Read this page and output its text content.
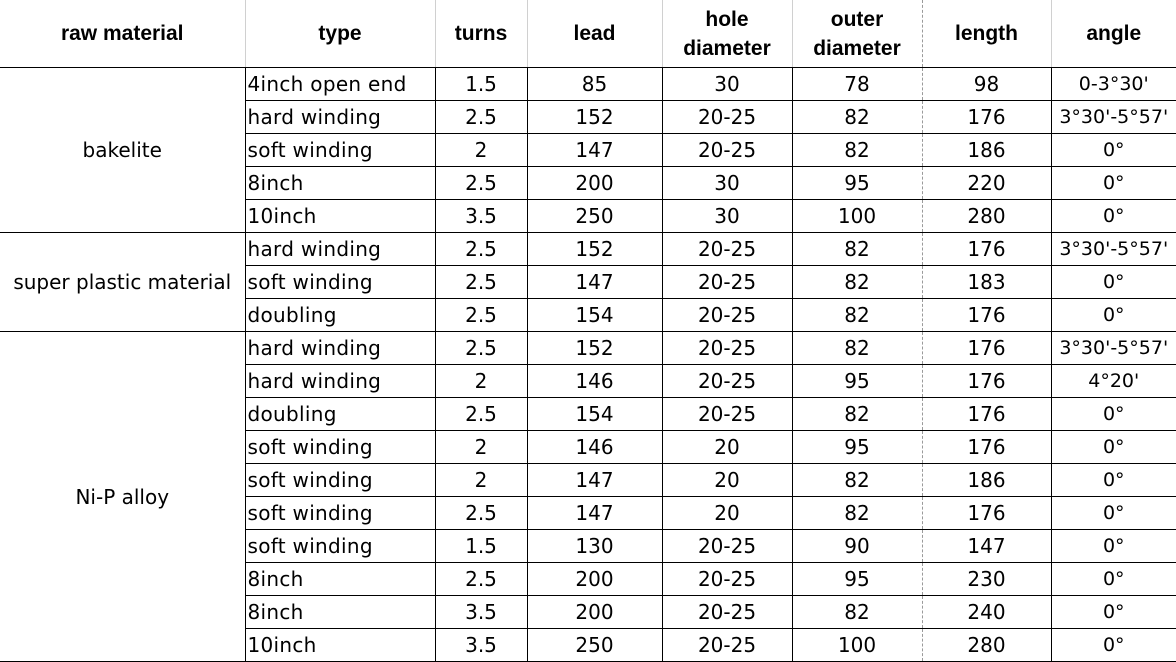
raw material	type	turns	lead	hole diameter	outer diameter	length	angle
bakelite	4inch open end	1.5	85	30	78	98	0-3°30'
	hard winding	2.5	152	20-25	82	176	3°30'-5°57'
	soft winding	2	147	20-25	82	186	0°
	8inch	2.5	200	30	95	220	0°
	10inch	3.5	250	30	100	280	0°
super plastic material	hard winding	2.5	152	20-25	82	176	3°30'-5°57'
	soft winding	2.5	147	20-25	82	183	0°
	doubling	2.5	154	20-25	82	176	0°
Ni-P alloy	hard winding	2.5	152	20-25	82	176	3°30'-5°57'
	hard winding	2	146	20-25	95	176	4°20'
	doubling	2.5	154	20-25	82	176	0°
	soft winding	2	146	20	95	176	0°
	soft winding	2	147	20	82	186	0°
	soft winding	2.5	147	20	82	176	0°
	soft winding	1.5	130	20-25	90	147	0°
	8inch	2.5	200	20-25	95	230	0°
	8inch	3.5	200	20-25	82	240	0°
	10inch	3.5	250	20-25	100	280	0°
